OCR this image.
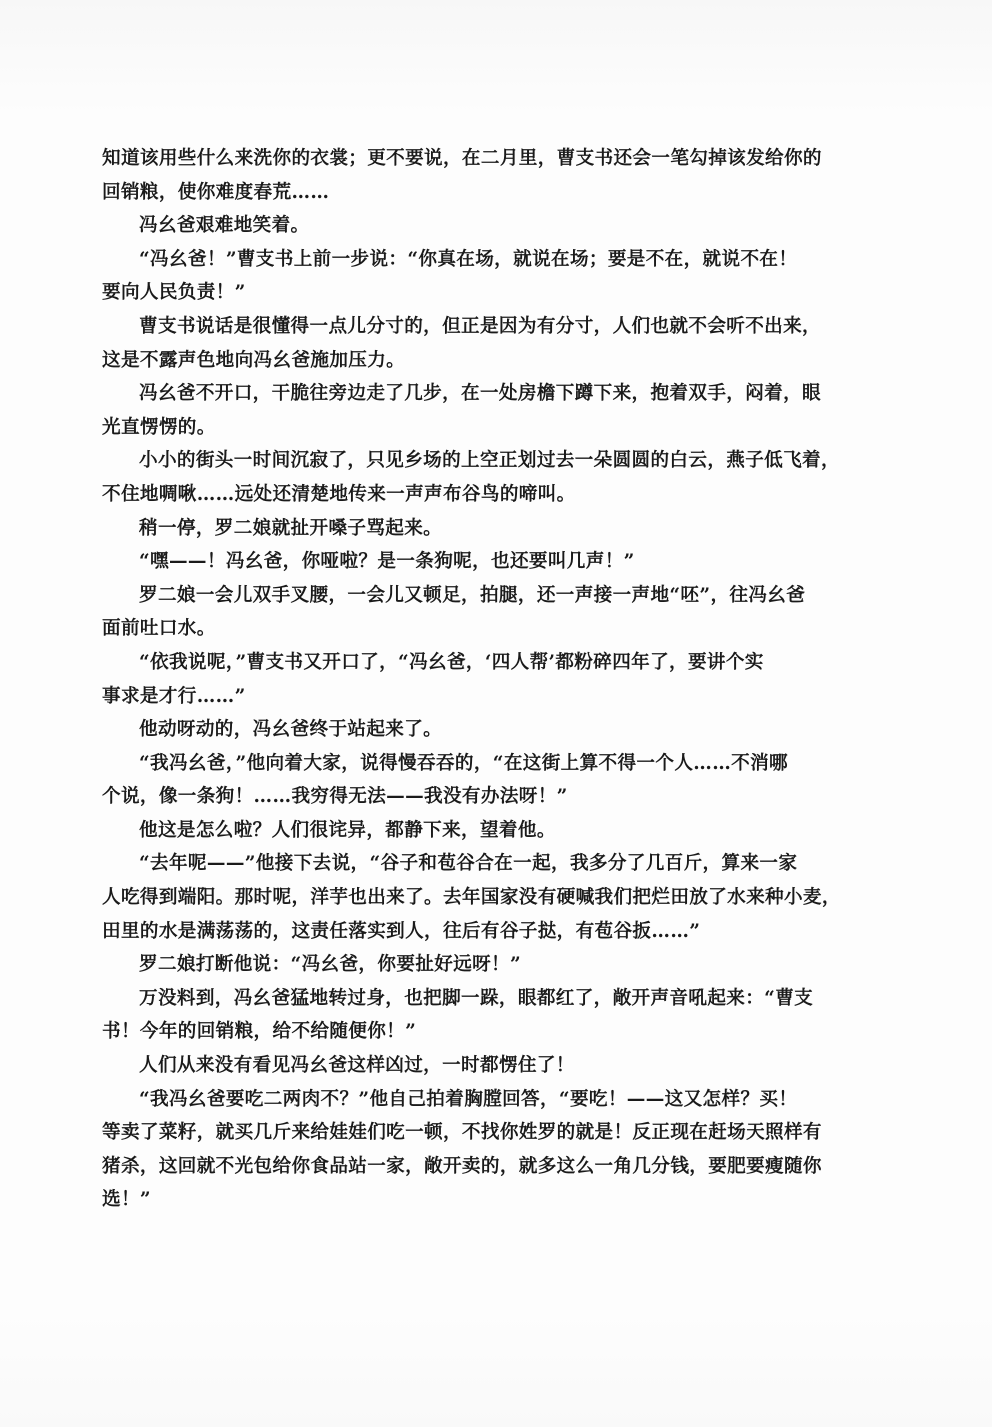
知道该用些什么来洗你的衣裳；更不要说，在二月里，曹支书还会一笔勾掉该发给你的
回销粮，使你难度春荒……
冯幺爸艰难地笑着。
“冯幺爸！”曹支书上前一步说：“你真在场，就说在场；要是不在，就说不在！
要向人民负责！”
曹支书说话是很懂得一点儿分寸的，但正是因为有分寸，人们也就不会听不出来，
这是不露声色地向冯幺爸施加压力。
冯幺爸不开口，干脆往旁边走了几步，在一处房檐下蹲下来，抱着双手，闷着，眼
光直愣愣的。
小小的街头一时间沉寂了，只见乡场的上空正划过去一朵圆圆的白云，燕子低飞着，
不住地啁啾……远处还清楚地传来一声声布谷鸟的啼叫。
稍一停，罗二娘就扯开嗓子骂起来。
“嘿——！冯幺爸，你哑啦？是一条狗呢，也还要叫几声！”
罗二娘一会儿双手叉腰，一会儿又顿足，拍腿，还一声接一声地“呸”，往冯幺爸
面前吐口水。
“依我说呢，”曹支书又开口了，“冯幺爸，‘四人帮’都粉碎四年了，要讲个实
事求是才行……”
他动呀动的，冯幺爸终于站起来了。
“我冯幺爸，”他向着大家，说得慢吞吞的，“在这街上算不得一个人……不消哪
个说，像一条狗！……我穷得无法——我没有办法呀！”
他这是怎么啦？人们很诧异，都静下来，望着他。
“去年呢——”他接下去说，“谷子和苞谷合在一起，我多分了几百斤，算来一家
人吃得到端阳。那时呢，洋芋也出来了。去年国家没有硬喊我们把烂田放了水来种小麦，
田里的水是满荡荡的，这责任落实到人，往后有谷子挞，有苞谷扳……”
罗二娘打断他说：“冯幺爸，你要扯好远呀！”
万没料到，冯幺爸猛地转过身，也把脚一跺，眼都红了，敞开声音吼起来：“曹支
书！今年的回销粮，给不给随便你！”
人们从来没有看见冯幺爸这样凶过，一时都愣住了！
“我冯幺爸要吃二两肉不？”他自己拍着胸膛回答，“要吃！——这又怎样？买！
等卖了菜籽，就买几斤来给娃娃们吃一顿，不找你姓罗的就是！反正现在赶场天照样有
猪杀，这回就不光包给你食品站一家，敞开卖的，就多这么一角几分钱，要肥要瘦随你
选！”
